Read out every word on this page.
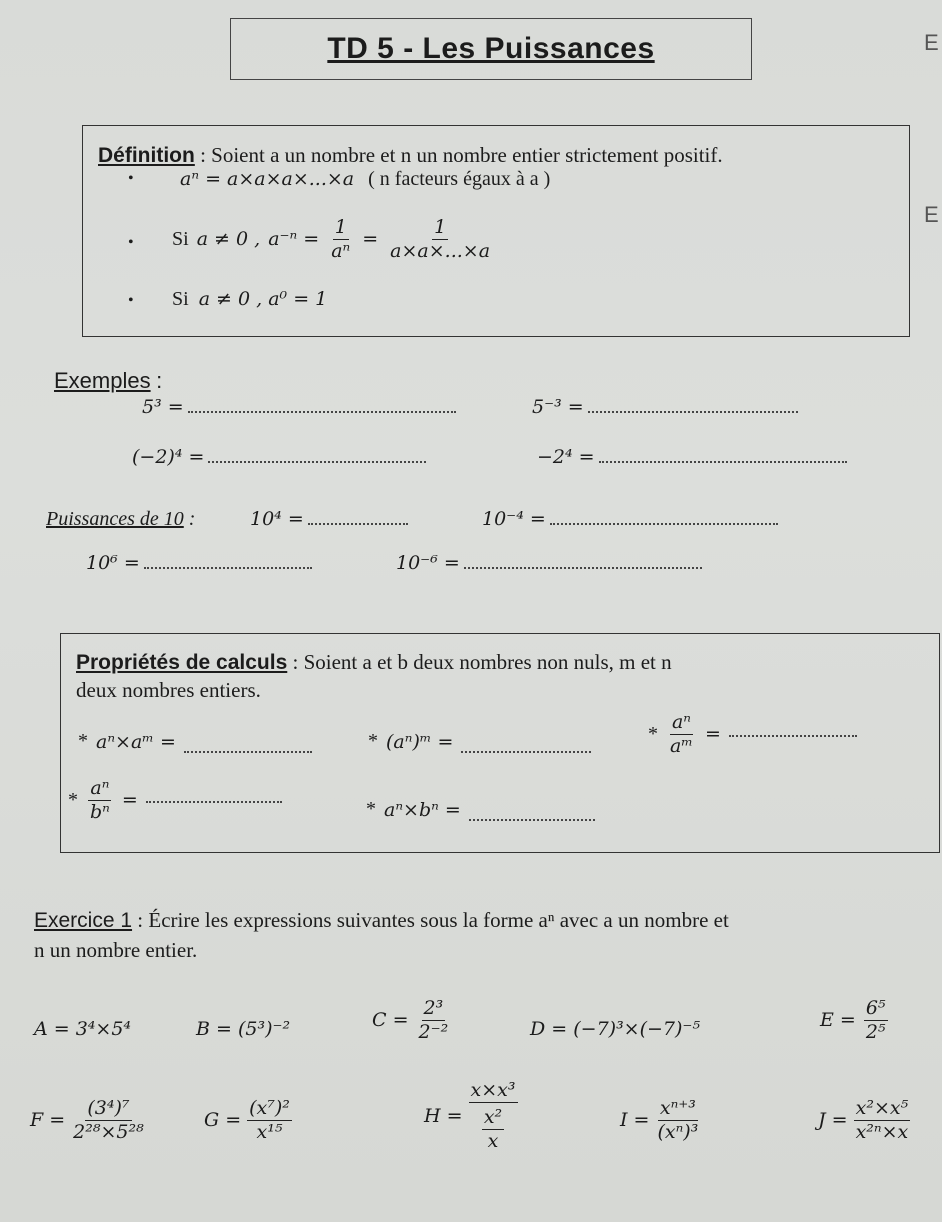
TD 5 - Les Puissances	E
E
Définition : Soient a un nombre et n un nombre entier strictement positif.
• aⁿ = a×a×a×...×a ( n facteurs égaux à a )
• Si a ≠ 0 , $a^{-n} = \frac{1}{\text{aⁿ}} = \frac{1}{a\times a\times...\times a}$
• Si a ≠ 0 , a⁰ = 1
Exemples :
5³ =	5⁻³ =
(−2)⁴ =	−2⁴ =
Puissances de 10 :	10⁴ =	10⁻⁴ =
10⁶ =	10⁻⁶ =
Propriétés de calculs : Soient a et b deux nombres non nuls, m et n
deux nombres entiers.
* aⁿ×aᵐ =	* (aⁿ)ᵐ =	* $\frac{\text{aⁿ}}{\text{aᵐ}}$ =
* $\frac{\text{aⁿ}}{\text{bⁿ}}$ =	* aⁿ×bⁿ =
Exercice 1 : Écrire les expressions suivantes sous la forme aⁿ avec a un nombre et
n un nombre entier.
A = 3⁴×5⁴	B = (5³)⁻²	$C = \frac{\text{2³}}{\text{2⁻²}}$	D = (−7)³×(−7)⁻⁵	$E = \frac{\text{6⁵}}{\text{2⁵}}$
$F = \frac{\text{(3⁴)⁷}}{\text{2²⁸×5²⁸}}$	$G = \frac{\text{(x⁷)²}}{\text{x¹⁵}}$	$H = \frac{\text{x×x³}}{\frac{\text{x²}}{x}}$	$I = \frac{\text{xⁿ⁺³}}{\text{(xⁿ)³}}$	$J = \frac{\text{x²×x⁵}}{\text{x²ⁿ×x}}$
